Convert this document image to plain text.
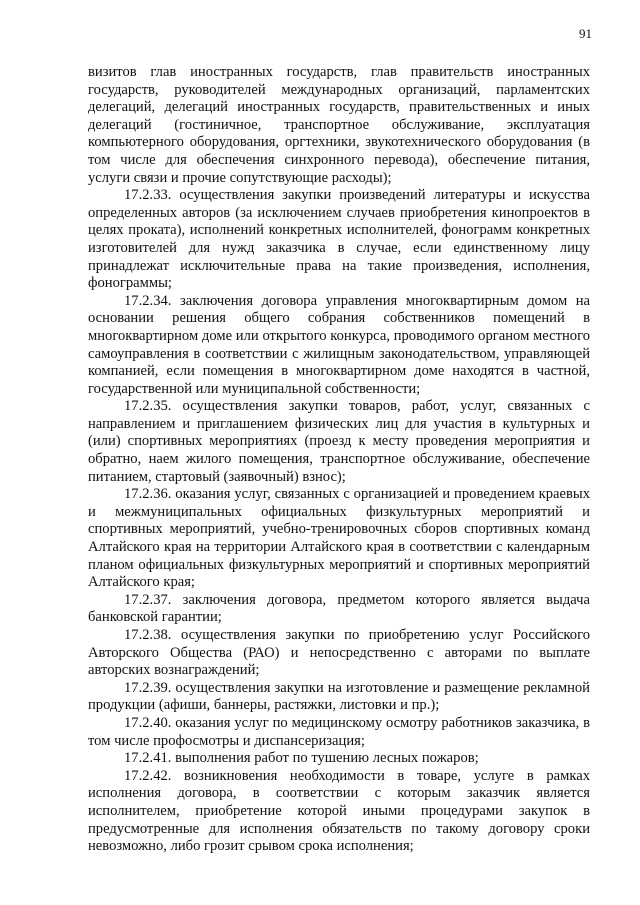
91

визитов глав иностранных государств, глав правительств иностранных государств, руководителей международных организаций, парламентских делегаций, делегаций иностранных государств, правительственных и иных делегаций (гостиничное, транспортное обслуживание, эксплуатация компьютерного оборудования, оргтехники, звукотехнического оборудования (в том числе для обеспечения синхронного перевода), обеспечение питания, услуги связи и прочие сопутствующие расходы);

17.2.33. осуществления закупки произведений литературы и искусства определенных авторов (за исключением случаев приобретения кинопроектов в целях проката), исполнений конкретных исполнителей, фонограмм конкретных изготовителей для нужд заказчика в случае, если единственному лицу принадлежат исключительные права на такие произведения, исполнения, фонограммы;

17.2.34. заключения договора управления многоквартирным домом на основании решения общего собрания собственников помещений в многоквартирном доме или открытого конкурса, проводимого органом местного самоуправления в соответствии с жилищным законодательством, управляющей компанией, если помещения в многоквартирном доме находятся в частной, государственной или муниципальной собственности;

17.2.35. осуществления закупки товаров, работ, услуг, связанных с направлением и приглашением физических лиц для участия в культурных и (или) спортивных мероприятиях (проезд к месту проведения мероприятия и обратно, наем жилого помещения, транспортное обслуживание, обеспечение питанием, стартовый (заявочный) взнос);

17.2.36. оказания услуг, связанных с организацией и проведением краевых и межмуниципальных официальных физкультурных мероприятий и спортивных мероприятий, учебно-тренировочных сборов спортивных команд Алтайского края на территории Алтайского края в соответствии с календарным планом официальных физкультурных мероприятий и спортивных мероприятий Алтайского края;

17.2.37. заключения договора, предметом которого является выдача банковской гарантии;

17.2.38. осуществления закупки по приобретению услуг Российского Авторского Общества (РАО) и непосредственно с авторами по выплате авторских вознаграждений;

17.2.39. осуществления закупки на изготовление и размещение рекламной продукции (афиши, баннеры, растяжки, листовки и пр.);

17.2.40. оказания услуг по медицинскому осмотру работников заказчика, в том числе профосмотры и диспансеризация;

17.2.41. выполнения работ по тушению лесных пожаров;

17.2.42. возникновения необходимости в товаре, услуге в рамках исполнения договора, в соответствии с которым заказчик является исполнителем, приобретение которой иными процедурами закупок в предусмотренные для исполнения обязательств по такому договору сроки невозможно, либо грозит срывом срока исполнения;
